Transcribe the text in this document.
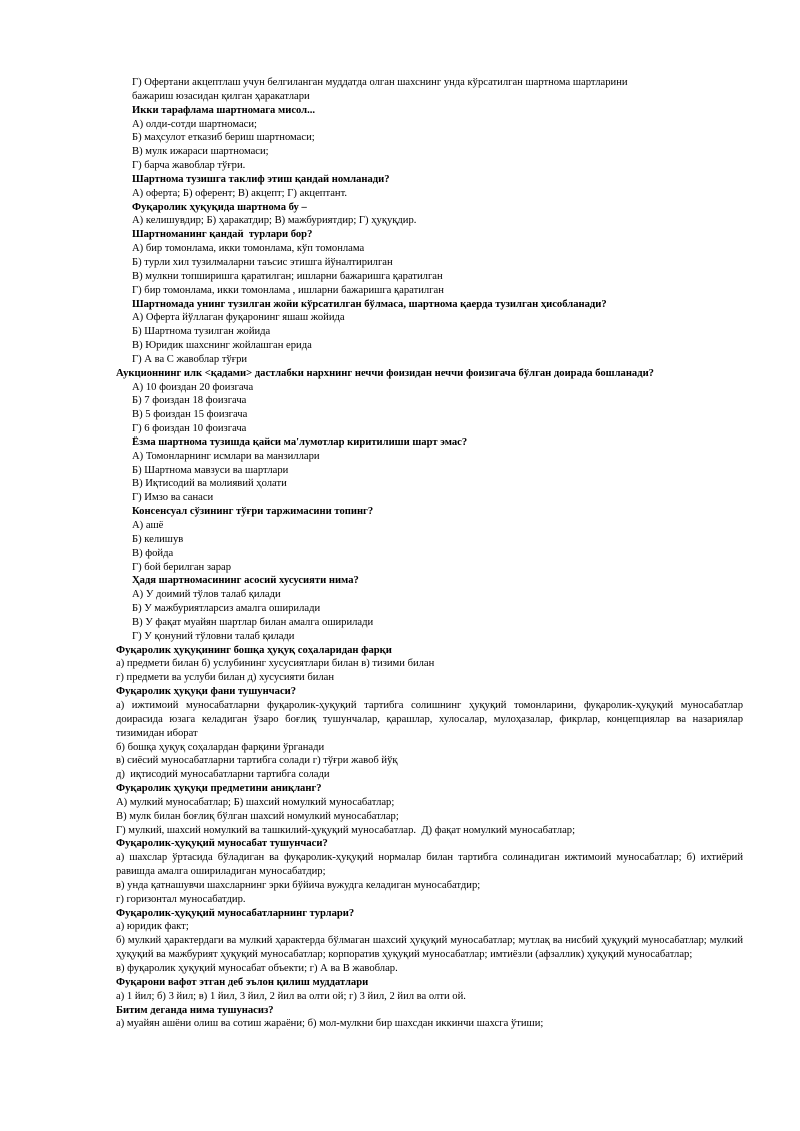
Г) Офертани акцептлаш учун белгиланган муддатда олган шахснинг унда кўрсатилган шартнома шартларини

бажариш юзасидан қилган ҳаракатлари

Икки тарафлама шартномага мисол...

А) олди-сотди шартномаси;

Б) маҳсулот етказиб бериш шартномаси;

В) мулк ижараси шартномаси;

Г) барча жавоблар тўғри.

Шартнома тузишга таклиф этиш қандай номланади?

А) оферта; Б) оферент; В) акцепт; Г) акцептант.

Фуқаролик ҳуқуқида шартнома бу –

А) келишувдир; Б) ҳаракатдир; В) мажбуриятдир; Г) ҳуқуқдир.

Шартноманинг қандай  турлари бор?

А) бир томонлама, икки томонлама, кўп томонлама

Б) турли хил тузилмаларни таъсис этишга йўналтирилган

В) мулкни топширишга қаратилган; ишларни бажаришга қаратилган

Г) бир томонлама, икки томонлама , ишларни бажаришга қаратилган

Шартномада унинг тузилган жойи кўрсатилган бўлмаса, шартнома қаерда тузилган ҳисобланади?

А) Оферта йўллаган фуқаронинг яшаш жойида

Б) Шартнома тузилган жойида

В) Юридик шахснинг жойлашган ерида

Г) А ва С жавоблар тўғри

Аукционнинг илк <қадами> дастлабки нархнинг неччи фоизидан неччи фоизигача бўлган доирада бошланади?

А) 10 фоиздан 20 фоизгача

Б) 7 фоиздан 18 фоизгача

В) 5 фоиздан 15 фоизгача

Г) 6 фоиздан 10 фоизгача

Ёзма шартнома тузишда қайси ма'лумотлар киритилиши шарт эмас?

А) Томонларнинг исмлари ва манзиллари

Б) Шартнома мавзуси ва шартлари

В) Иқтисодий ва молиявий ҳолати

Г) Имзо ва санаси

Консенсуал сўзининг тўғри таржимасини топинг?

А) ашё

Б) келишув

В) фойда

Г) бой берилган зарар

Ҳадя шартномасининг асосий хусусияти нима?

А) У доимий тўлов талаб қилади

Б) У мажбуриятларсиз амалга оширилади

В) У фақат муайян шартлар билан амалга оширилади

Г) У қонуний тўловни талаб қилади

Фуқаролик ҳуқуқининг бошқа ҳуқуқ соҳаларидан фарқи

а) предмети билан б) услубининг хусусиятлари билан в) тизими билан

г) предмети ва услуби билан д) хусусияти билан

Фуқаролик ҳуқуқи фани тушунчаси?

а) ижтимоий муносабатларни фуқаролик-ҳуқуқий тартибга солишнинг ҳуқуқий томонларини, фуқаролик-ҳуқуқий муносабатлар доирасида юзага келадиган ўзаро боғлиқ тушунчалар, қарашлар, хулосалар, мулоҳазалар, фикрлар, концепциялар ва назариялар тизимидан иборат

б) бошқа ҳуқуқ соҳалардан фарқини ўрганади

в) сиёсий муносабатларни тартибга солади г) тўғри жавоб йўқ

д)  иқтисодий муносабатларни тартибга солади

Фуқаролик ҳуқуқи предметини аниқланг?

А) мулкий муносабатлар; Б) шахсий номулкий муносабатлар;

В) мулк билан боғлиқ бўлган шахсий номулкий муносабатлар;

Г) мулкий, шахсий номулкий ва ташкилий-ҳуқуқий муносабатлар.  Д) фақат номулкий муносабатлар;

Фуқаролик-ҳуқуқий муносабат тушунчаси?

а) шахслар ўртасида бўладиган ва фуқаролик-ҳуқуқий нормалар билан тартибга солинадиган ижтимоий муносабатлар; б) ихтиёрий равишда амалга ошириладиган муносабатдир;

в) унда қатнашувчи шахсларнинг эрки бўйича вужудга келадиган муносабатдир;

г) горизонтал муносабатдир.

Фуқаролик-ҳуқуқий муносабатларнинг турлари?

а) юридик факт;

б) мулкий ҳарактердаги ва мулкий ҳарактерда бўлмаган шахсий ҳуқуқий муносабатлар; мутлақ ва нисбий ҳуқуқий муносабатлар; мулкий ҳуқуқий ва мажбурият ҳуқуқий муносабатлар; корпоратив ҳуқуқий муносабатлар; имтиёзли (афзаллик) ҳуқуқий муносабатлар;

в) фуқаролик ҳуқуқий муносабат объекти; г) А ва В жавоблар.

Фуқарони вафот этган деб эълон қилиш муддатлари

а) 1 йил; б) 3 йил; в) 1 йил, 3 йил, 2 йил ва олти ой; г) 3 йил, 2 йил ва олти ой.

Битим деганда нима тушунасиз?

а) муайян ашёни олиш ва сотиш жараёни; б) мол-мулкни бир шахсдан иккинчи шахсга ўтиши;
